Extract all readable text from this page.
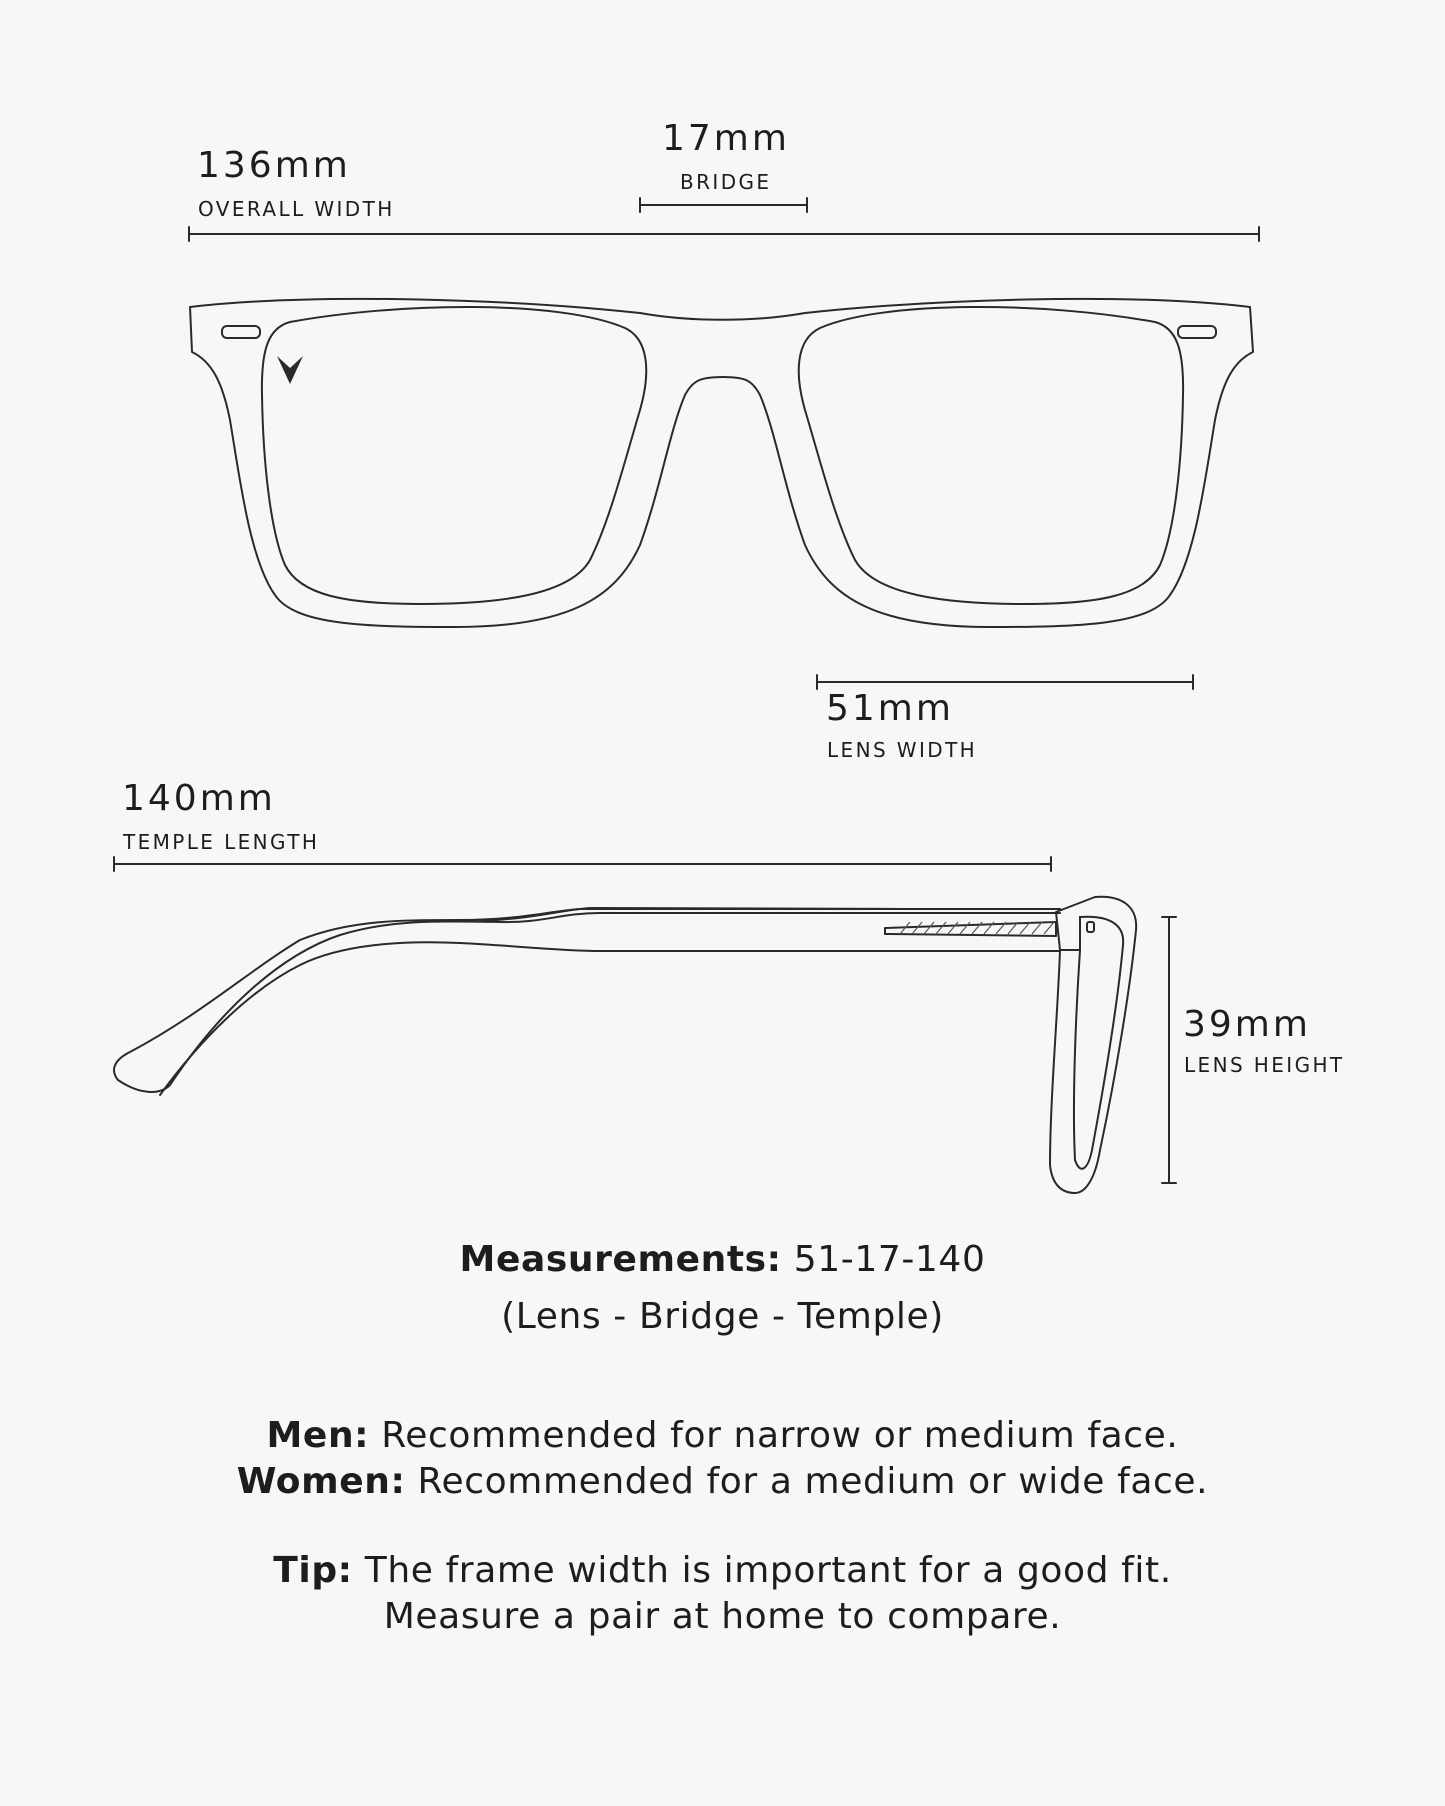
136mm
OVERALL WIDTH
17mm
BRIDGE
51mm
LENS WIDTH
140mm
TEMPLE LENGTH
39mm
LENS HEIGHT
Measurements: 51-17-140
(Lens - Bridge - Temple)
Men: Recommended for narrow or medium face.
Women: Recommended for a medium or wide face.
Tip: The frame width is important for a good fit.
Measure a pair at home to compare.
